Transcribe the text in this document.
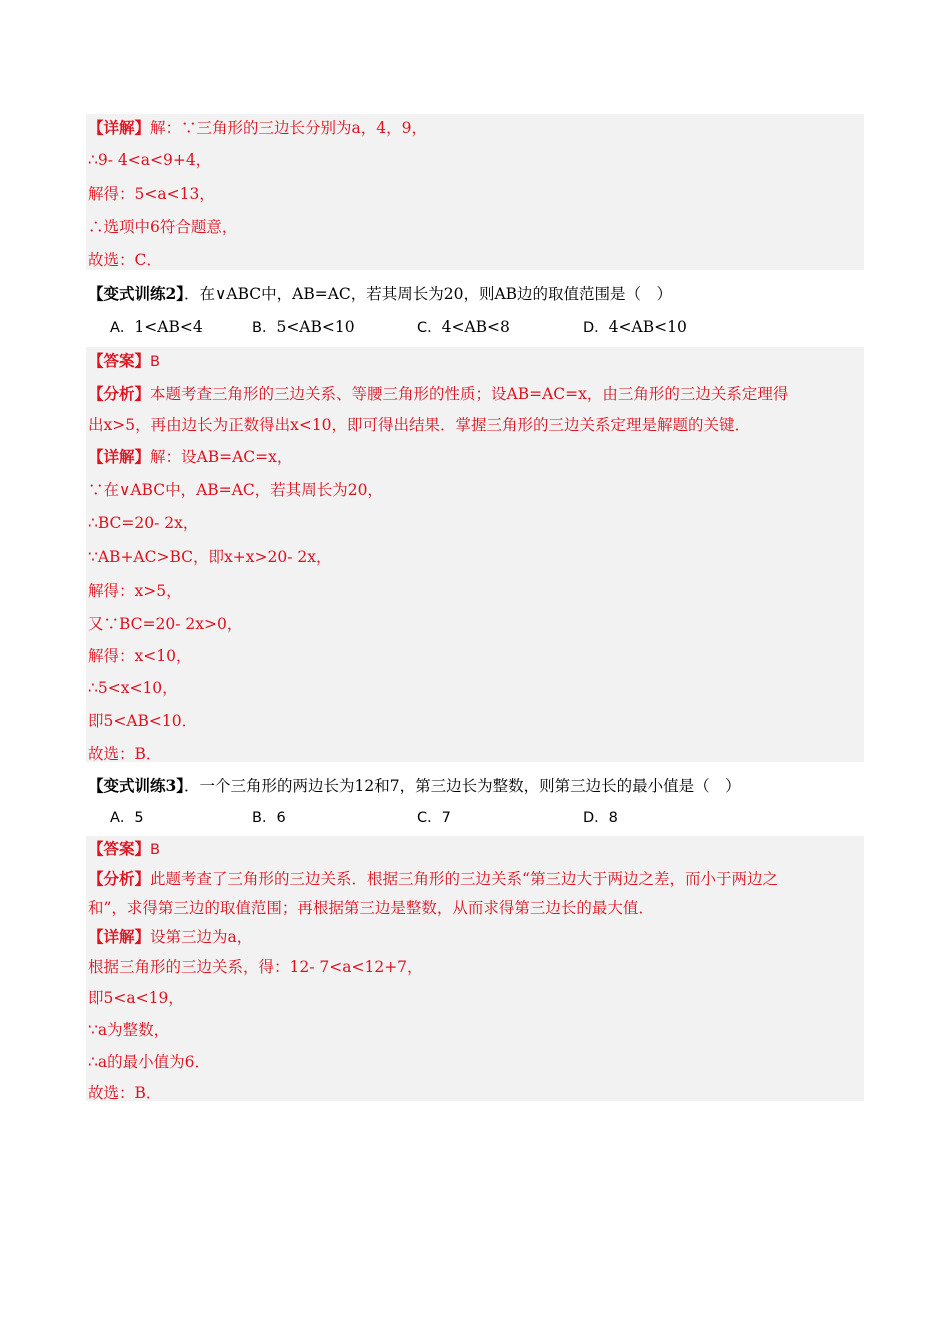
【详解】解：∵三角形的三边长分别为a，4，9，
∴9- 4<a<9+4，
解得：5<a<13，
∴选项中6符合题意，
故选：C．
【变式训练2】．在∨ABC中，AB=AC，若其周长为20，则AB边的取值范围是（　）
A．1<AB<4	B．5<AB<10	C．4<AB<8	D．4<AB<10
【答案】B
【分析】本题考查三角形的三边关系、等腰三角形的性质；设AB=AC=x，由三角形的三边关系定理得
出x>5，再由边长为正数得出x<10，即可得出结果．掌握三角形的三边关系定理是解题的关键．
【详解】解：设AB=AC=x，
∵在∨ABC中，AB=AC，若其周长为20，
∴BC=20- 2x，
∵AB+AC>BC，即x+x>20- 2x，
解得：x>5，
又∵BC=20- 2x>0，
解得：x<10，
∴5<x<10，
即5<AB<10．
故选：B．
【变式训练3】．一个三角形的两边长为12和7，第三边长为整数，则第三边长的最小值是（　）
A．5	B．6	C．7	D．8
【答案】B
【分析】此题考查了三角形的三边关系．根据三角形的三边关系“第三边大于两边之差，而小于两边之
和”，求得第三边的取值范围；再根据第三边是整数，从而求得第三边长的最大值．
【详解】设第三边为a，
根据三角形的三边关系，得：12- 7<a<12+7，
即5<a<19，
∵a为整数，
∴a的最小值为6．
故选：B．
